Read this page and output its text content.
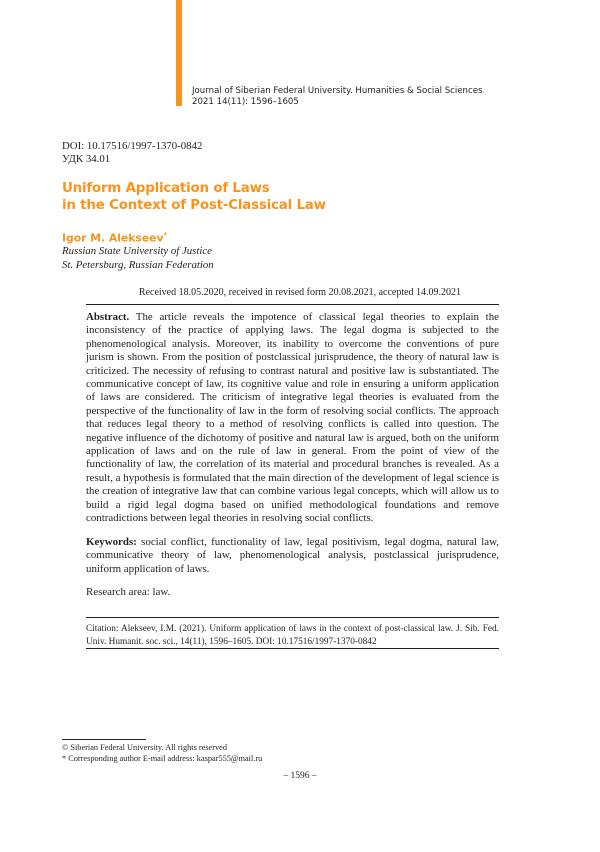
Journal of Siberian Federal University. Humanities & Social Sciences
2021 14(11): 1596–1605
DOI: 10.17516/1997-1370-0842
УДК 34.01
Uniform Application of Laws
in the Context of Post-Classical Law
Igor M. Alekseev*
Russian State University of Justice
St. Petersburg, Russian Federation
Received 18.05.2020, received in revised form 20.08.2021, accepted 14.09.2021
Abstract. The article reveals the impotence of classical legal theories to explain the inconsistency of the practice of applying laws. The legal dogma is subjected to the phenomenological analysis. Moreover, its inability to overcome the conventions of pure jurism is shown. From the position of postclassical jurisprudence, the theory of natural law is criticized. The necessity of refusing to contrast natural and positive law is substantiated. The communicative concept of law, its cognitive value and role in ensuring a uniform application of laws are considered. The criticism of integrative legal theories is evaluated from the perspective of the functionality of law in the form of resolving social conflicts. The approach that reduces legal theory to a method of resolving conflicts is called into question. The negative influence of the dichotomy of positive and natural law is argued, both on the uniform application of laws and on the rule of law in general. From the point of view of the functionality of law, the correlation of its material and procedural branches is revealed. As a result, a hypothesis is formulated that the main direction of the development of legal science is the creation of integrative law that can combine various legal concepts, which will allow us to build a rigid legal dogma based on unified methodological foundations and remove contradictions between legal theories in resolving social conflicts.
Keywords: social conflict, functionality of law, legal positivism, legal dogma, natural law, communicative theory of law, phenomenological analysis, postclassical jurisprudence, uniform application of laws.
Research area: law.
Citation: Alekseev, I.M. (2021). Uniform application of laws in the context of post-classical law. J. Sib. Fed. Univ. Humanit. soc. sci., 14(11), 1596–1605. DOI: 10.17516/1997-1370-0842
© Siberian Federal University. All rights reserved
* Corresponding author E-mail address: kaspar555@mail.ru
– 1596 –
